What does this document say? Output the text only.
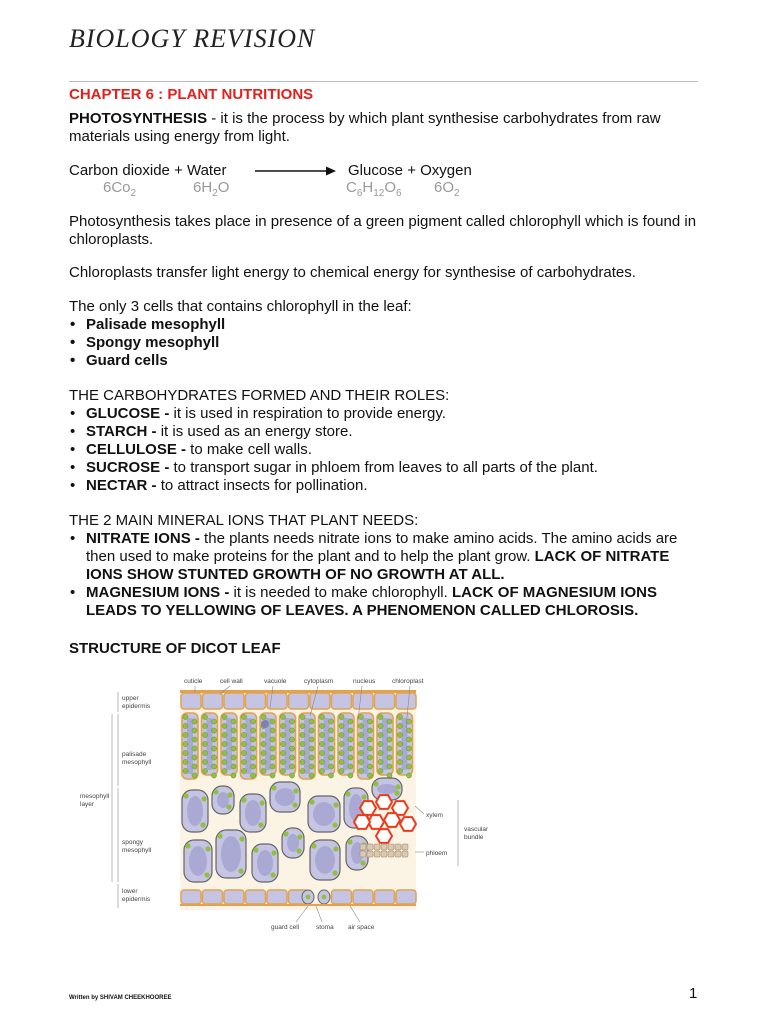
BIOLOGY REVISION
CHAPTER 6 : PLANT NUTRITIONS
PHOTOSYNTHESIS - it is the process by which plant synthesise carbohydrates from raw materials using energy from light.
Carbon dioxide + Water	Glucose + Oxygen
$6Co_2$	$6H_2O$	$C_6H_{12}O_6$ $6O_2$
Photosynthesis takes place in presence of a green pigment called chlorophyll which is found in chloroplasts.
Chloroplasts transfer light energy to chemical energy for synthesise of carbohydrates.
The only 3 cells that contains chlorophyll in the leaf:
• Palisade mesophyll
• Spongy mesophyll
• Guard cells
THE CARBOHYDRATES FORMED AND THEIR ROLES:
• GLUCOSE - it is used in respiration to provide energy.
• STARCH - it is used as an energy store.
• CELLULOSE - to make cell walls.
• SUCROSE - to transport sugar in phloem from leaves to all parts of the plant.
• NECTAR - to attract insects for pollination.
THE 2 MAIN MINERAL IONS THAT PLANT NEEDS:
• NITRATE IONS - the plants needs nitrate ions to make amino acids. The amino acids are then used to make proteins for the plant and to help the plant grow. LACK OF NITRATE IONS SHOW STUNTED GROWTH OF NO GROWTH AT ALL.
• MAGNESIUM IONS - it is needed to make chlorophyll. LACK OF MAGNESIUM IONS LEADS TO YELLOWING OF LEAVES. A PHENOMENON CALLED CHLOROSIS.
STRUCTURE OF DICOT LEAF
cuticle	cell wall	vacuole	cytoplasm	nucleus	chloroplast
upper
epidermis
palisade
mesophyll
mesophyll
layer
spongy
mesophyll
lower
epidermis
xylem
phloem
vascular
bundle
guard cell	stoma air space
Written by SHIVAM CHEEKHOOREE	1
